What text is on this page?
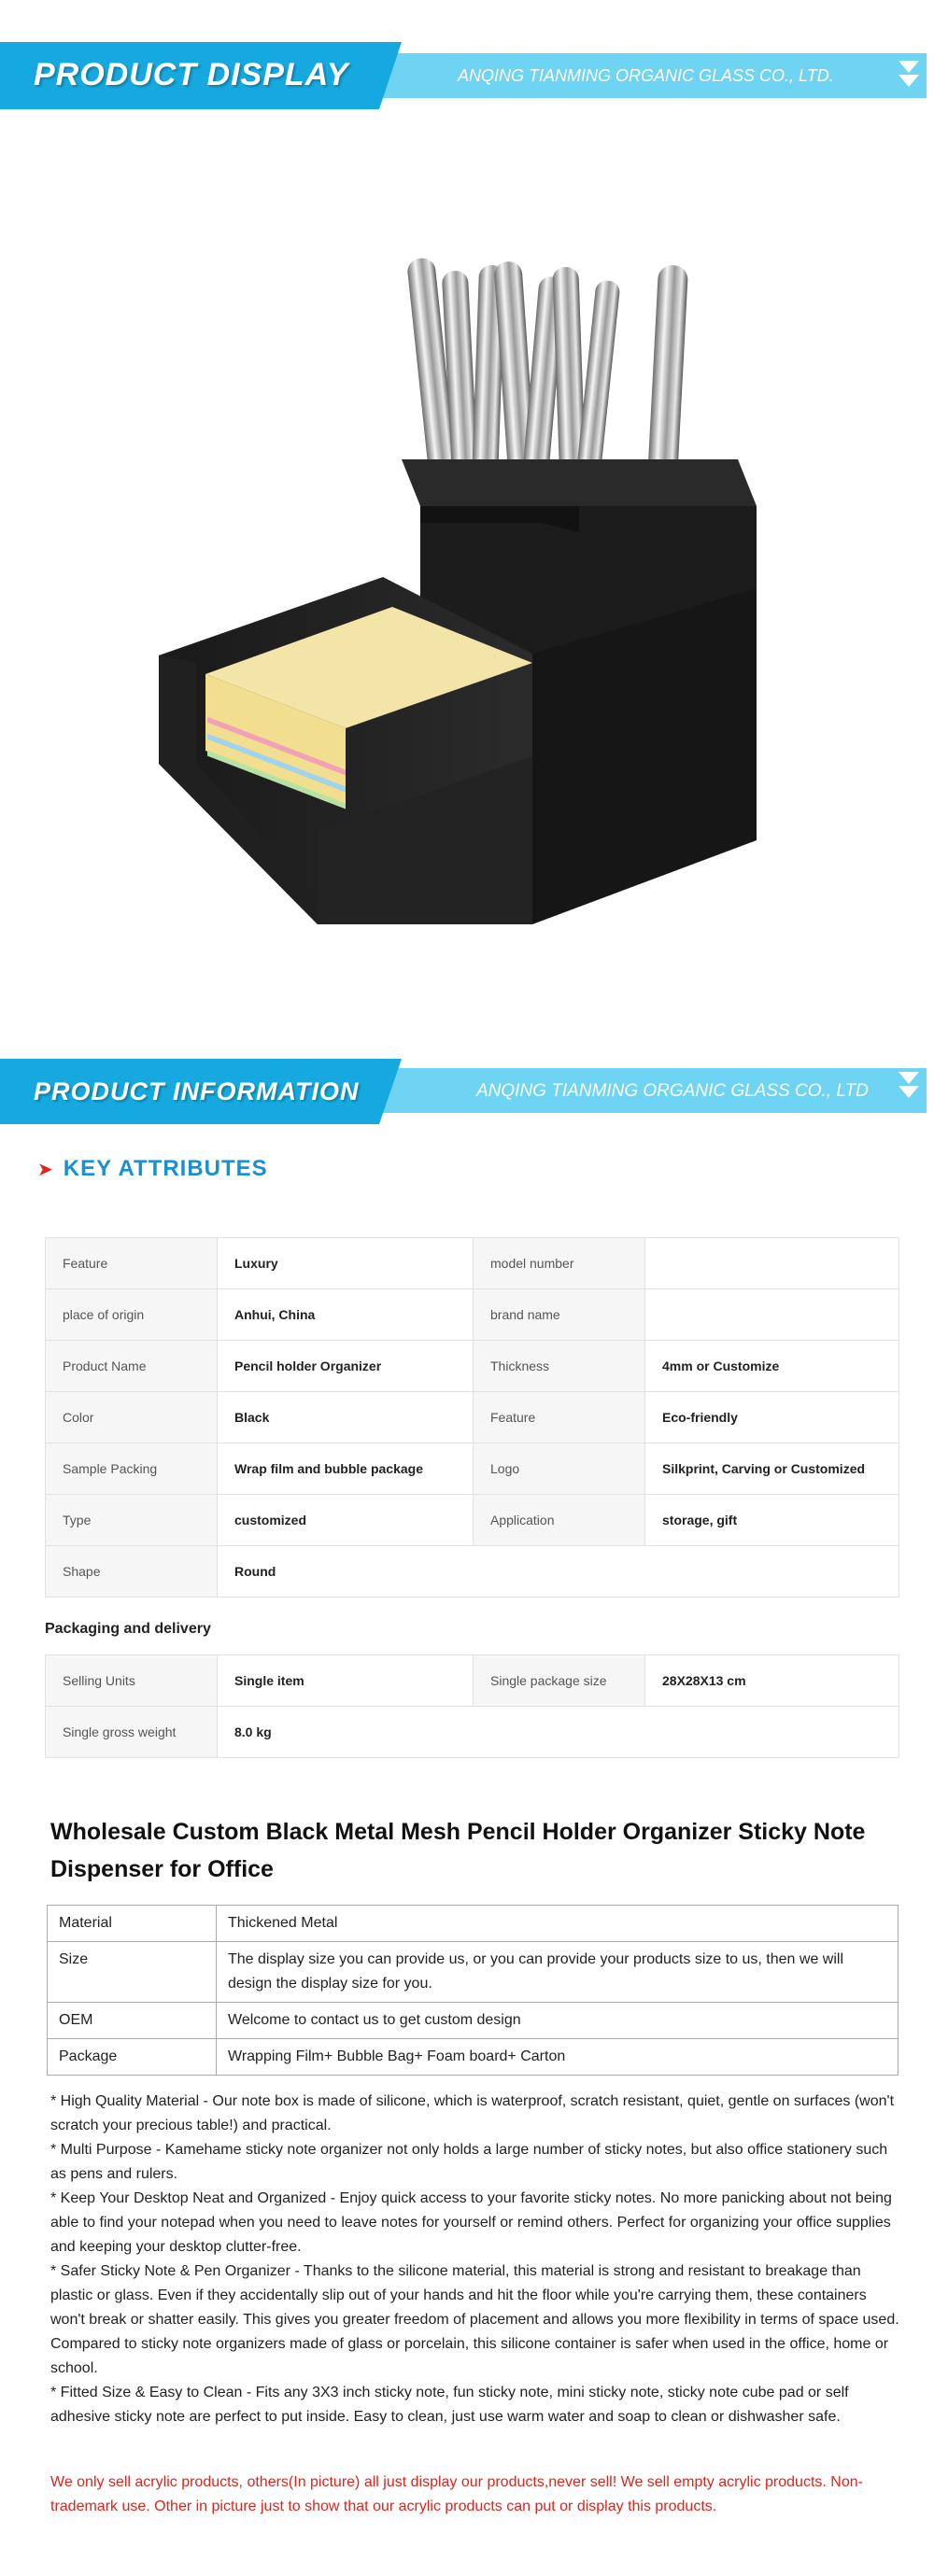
PRODUCT DISPLAY	ANQING TIANMING ORGANIC GLASS CO., LTD.
PRODUCT INFORMATION	ANQING TIANMING ORGANIC GLASS CO., LTD
➤ KEY ATTRIBUTES
Feature	Luxury	model number	
place of origin	Anhui, China	brand name	
Product Name	Pencil holder Organizer	Thickness	4mm or Customize
Color	Black	Feature	Eco-friendly
Sample Packing	Wrap film and bubble package	Logo	Silkprint, Carving or Customized
Type	customized	Application	storage, gift
Shape	Round		
Packaging and delivery
Selling Units	Single item	Single package size	28X28X13 cm
Single gross weight	8.0 kg		
Wholesale Custom Black Metal Mesh Pencil Holder Organizer Sticky Note Dispenser for Office
Material	Thickened Metal
Size	The display size you can provide us, or you can provide your products size to us, then we will design the display size for you.
OEM	Welcome to contact us to get custom design
Package	Wrapping Film+ Bubble Bag+ Foam board+ Carton

* High Quality Material - Our note box is made of silicone, which is waterproof, scratch resistant, quiet, gentle on surfaces (won't scratch your precious table!) and practical.

* Multi Purpose - Kamehame sticky note organizer not only holds a large number of sticky notes, but also office stationery such as pens and rulers.

* Keep Your Desktop Neat and Organized - Enjoy quick access to your favorite sticky notes. No more panicking about not being able to find your notepad when you need to leave notes for yourself or remind others. Perfect for organizing your office supplies and keeping your desktop clutter-free.

* Safer Sticky Note & Pen Organizer - Thanks to the silicone material, this material is strong and resistant to breakage than plastic or glass. Even if they accidentally slip out of your hands and hit the floor while you're carrying them, these containers won't break or shatter easily. This gives you greater freedom of placement and allows you more flexibility in terms of space used. Compared to sticky note organizers made of glass or porcelain, this silicone container is safer when used in the office, home or school.

* Fitted Size & Easy to Clean - Fits any 3X3 inch sticky note, fun sticky note, mini sticky note, sticky note cube pad or self adhesive sticky note are perfect to put inside. Easy to clean, just use warm water and soap to clean or dishwasher safe.

We only sell acrylic products, others(In picture) all just display our products,never sell! We sell empty acrylic products. Non-trademark use. Other in picture just to show that our acrylic products can put or display this products.
